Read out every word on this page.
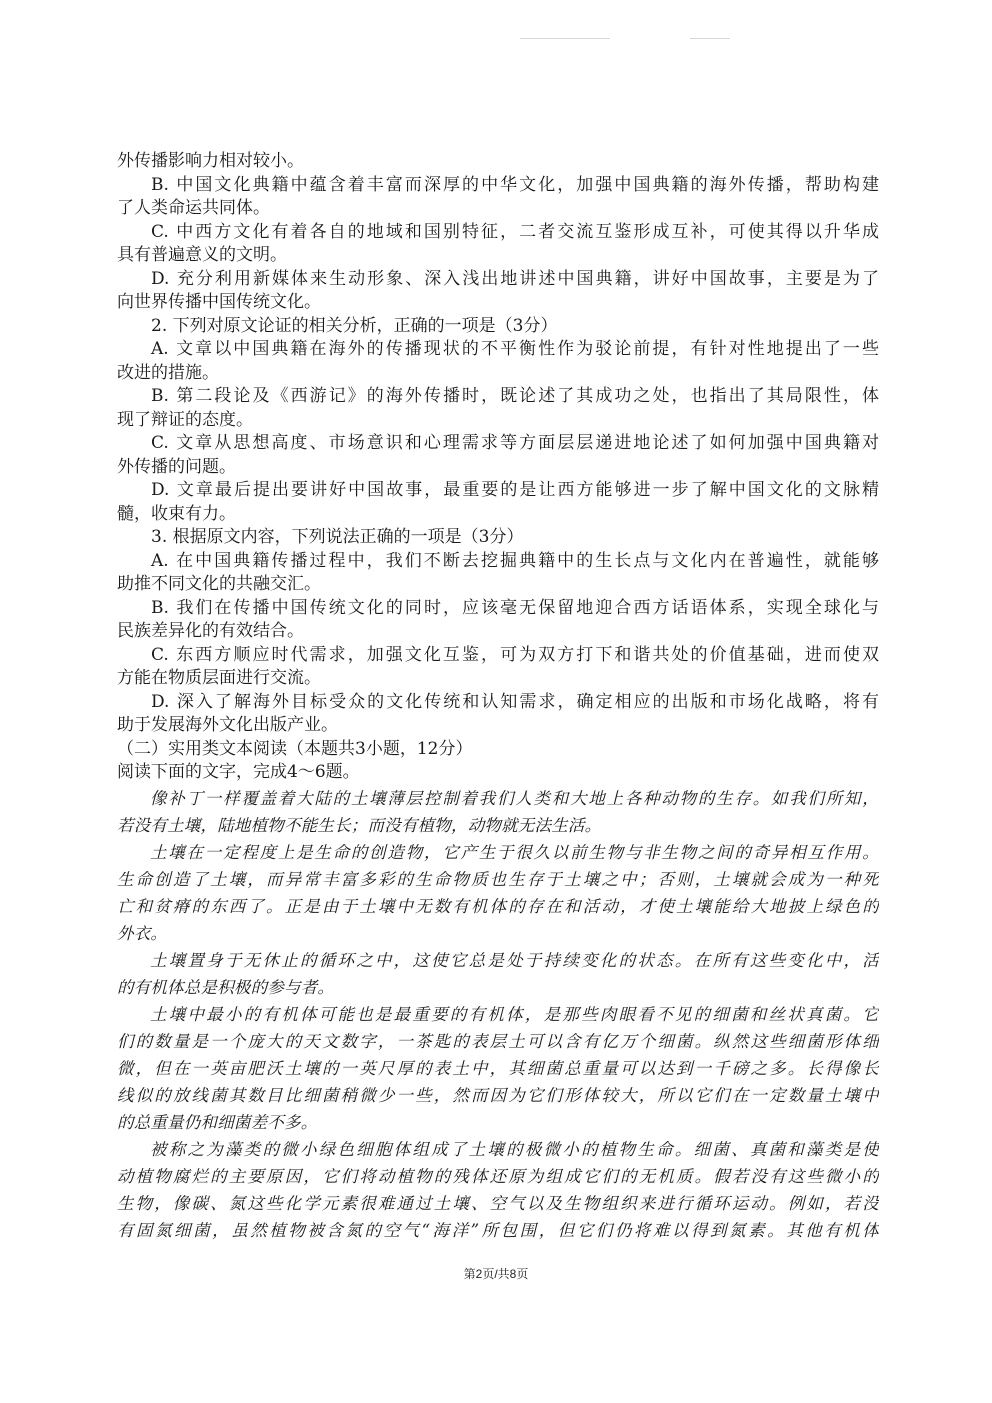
外传播影响力相对较小。
B. 中国文化典籍中蕴含着丰富而深厚的中华文化，加强中国典籍的海外传播，帮助构建
了人类命运共同体。
C. 中西方文化有着各自的地域和国别特征，二者交流互鉴形成互补，可使其得以升华成
具有普遍意义的文明。
D. 充分利用新媒体来生动形象、深入浅出地讲述中国典籍，讲好中国故事，主要是为了
向世界传播中国传统文化。
2. 下列对原文论证的相关分析，正确的一项是（3分）
A. 文章以中国典籍在海外的传播现状的不平衡性作为驳论前提，有针对性地提出了一些
改进的措施。
B. 第二段论及《西游记》的海外传播时，既论述了其成功之处，也指出了其局限性，体
现了辩证的态度。
C. 文章从思想高度、市场意识和心理需求等方面层层递进地论述了如何加强中国典籍对
外传播的问题。
D. 文章最后提出要讲好中国故事，最重要的是让西方能够进一步了解中国文化的文脉精
髓，收束有力。
3. 根据原文内容，下列说法正确的一项是（3分）
A. 在中国典籍传播过程中，我们不断去挖掘典籍中的生长点与文化内在普遍性，就能够
助推不同文化的共融交汇。
B. 我们在传播中国传统文化的同时，应该毫无保留地迎合西方话语体系，实现全球化与
民族差异化的有效结合。
C. 东西方顺应时代需求，加强文化互鉴，可为双方打下和谐共处的价值基础，进而使双
方能在物质层面进行交流。
D. 深入了解海外目标受众的文化传统和认知需求，确定相应的出版和市场化战略，将有
助于发展海外文化出版产业。
（二）实用类文本阅读（本题共3小题，12分）
阅读下面的文字，完成4～6题。
像补丁一样覆盖着大陆的土壤薄层控制着我们人类和大地上各种动物的生存。如我们所知，
若没有土壤，陆地植物不能生长；而没有植物，动物就无法生活。
土壤在一定程度上是生命的创造物，它产生于很久以前生物与非生物之间的奇异相互作用。
生命创造了土壤，而异常丰富多彩的生命物质也生存于土壤之中；否则，土壤就会成为一种死
亡和贫瘠的东西了。正是由于土壤中无数有机体的存在和活动，才使土壤能给大地披上绿色的
外衣。
土壤置身于无休止的循环之中，这使它总是处于持续变化的状态。在所有这些变化中，活
的有机体总是积极的参与者。
土壤中最小的有机体可能也是最重要的有机体，是那些肉眼看不见的细菌和丝状真菌。它
们的数量是一个庞大的天文数字，一茶匙的表层土可以含有亿万个细菌。纵然这些细菌形体细
微，但在一英亩肥沃土壤的一英尺厚的表土中，其细菌总重量可以达到一千磅之多。长得像长
线似的放线菌其数目比细菌稍微少一些，然而因为它们形体较大，所以它们在一定数量土壤中
的总重量仍和细菌差不多。
被称之为藻类的微小绿色细胞体组成了土壤的极微小的植物生命。细菌、真菌和藻类是使
动植物腐烂的主要原因，它们将动植物的残体还原为组成它们的无机质。假若没有这些微小的
生物，像碳、氮这些化学元素很难通过土壤、空气以及生物组织来进行循环运动。例如，若没
有固氮细菌，虽然植物被含氮的空气“海洋”所包围，但它们仍将难以得到氮素。其他有机体
第2页/共8页
